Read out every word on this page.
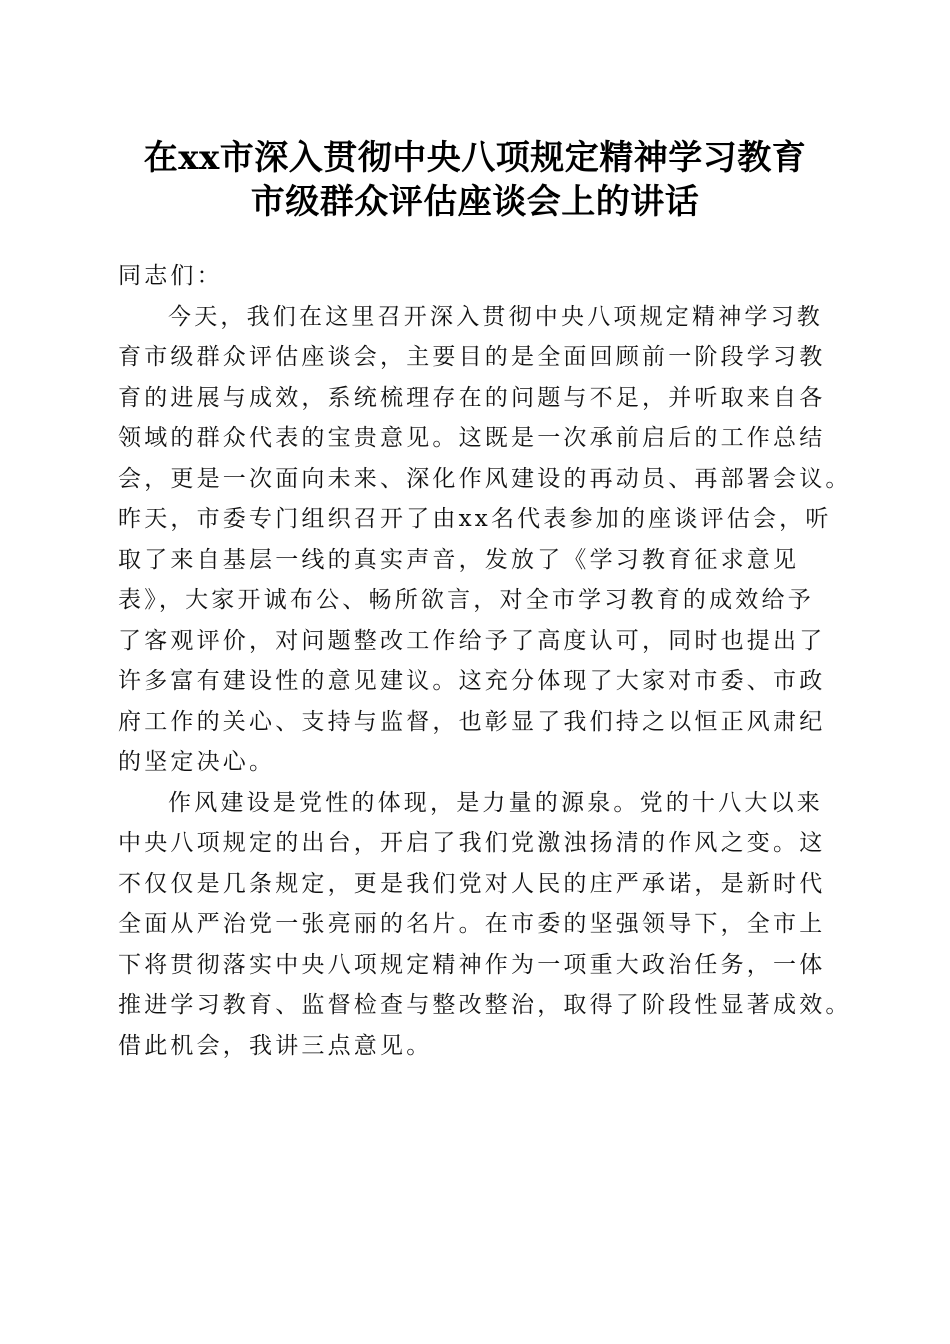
在xx市深入贯彻中央八项规定精神学习教育
市级群众评估座谈会上的讲话

同志们：

今天，我们在这里召开深入贯彻中央八项规定精神学习教
育市级群众评估座谈会，主要目的是全面回顾前一阶段学习教
育的进展与成效，系统梳理存在的问题与不足，并听取来自各
领域的群众代表的宝贵意见。这既是一次承前启后的工作总结
会，更是一次面向未来、深化作风建设的再动员、再部署会议。
昨天，市委专门组织召开了由xx名代表参加的座谈评估会，听
取了来自基层一线的真实声音，发放了《学习教育征求意见
表》，大家开诚布公、畅所欲言，对全市学习教育的成效给予
了客观评价，对问题整改工作给予了高度认可，同时也提出了
许多富有建设性的意见建议。这充分体现了大家对市委、市政
府工作的关心、支持与监督，也彰显了我们持之以恒正风肃纪
的坚定决心。

作风建设是党性的体现，是力量的源泉。党的十八大以来
中央八项规定的出台，开启了我们党激浊扬清的作风之变。这
不仅仅是几条规定，更是我们党对人民的庄严承诺，是新时代
全面从严治党一张亮丽的名片。在市委的坚强领导下，全市上
下将贯彻落实中央八项规定精神作为一项重大政治任务，一体
推进学习教育、监督检查与整改整治，取得了阶段性显著成效。
借此机会，我讲三点意见。
